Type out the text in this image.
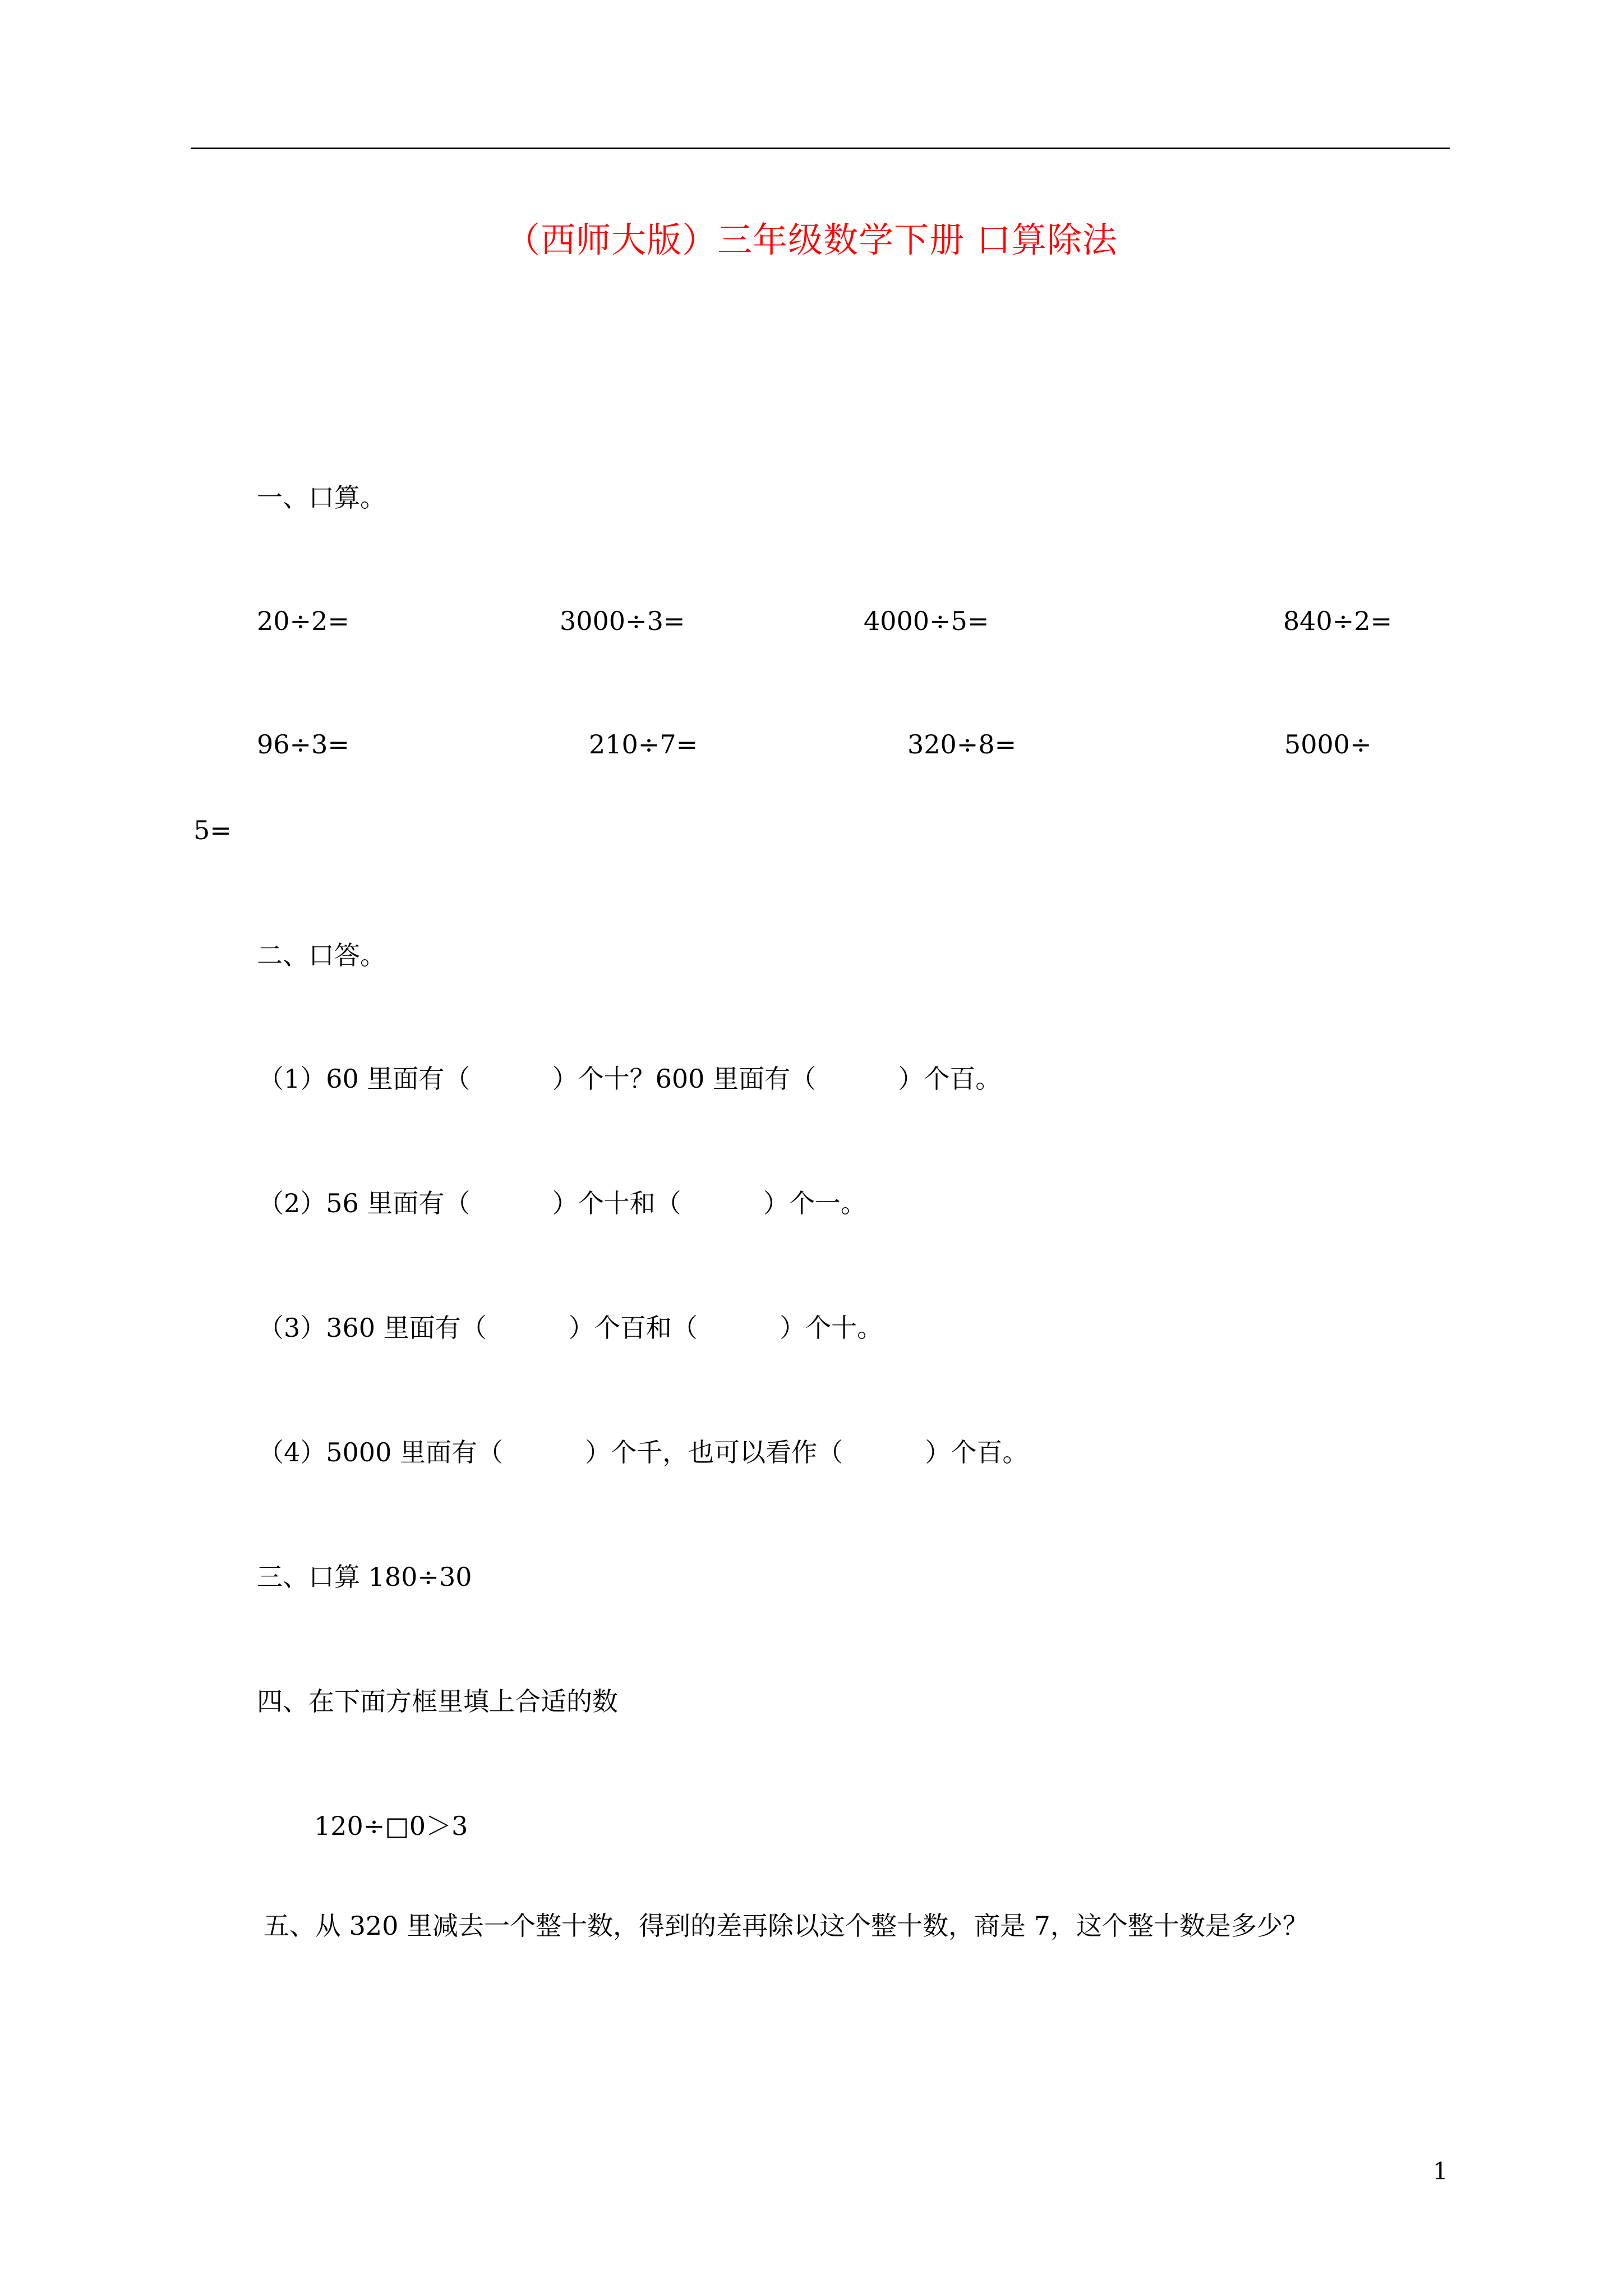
（西师大版）三年级数学下册 口算除法
一、口算。
20÷2=	3000÷3=	4000÷5=	840÷2=
96÷3=	210÷7=	320÷8=	5000÷
5=
二、口答。
（1）60 里面有（          ）个十？600 里面有（          ）个百。
（2）56 里面有（          ）个十和（          ）个一。
（3）360 里面有（          ）个百和（          ）个十。
（4）5000 里面有（          ）个千，也可以看作（          ）个百。
三、口算 180÷30
四、在下面方框里填上合适的数
120÷□0＞3
五、从 320 里减去一个整十数，得到的差再除以这个整十数，商是 7，这个整十数是多少？
1
